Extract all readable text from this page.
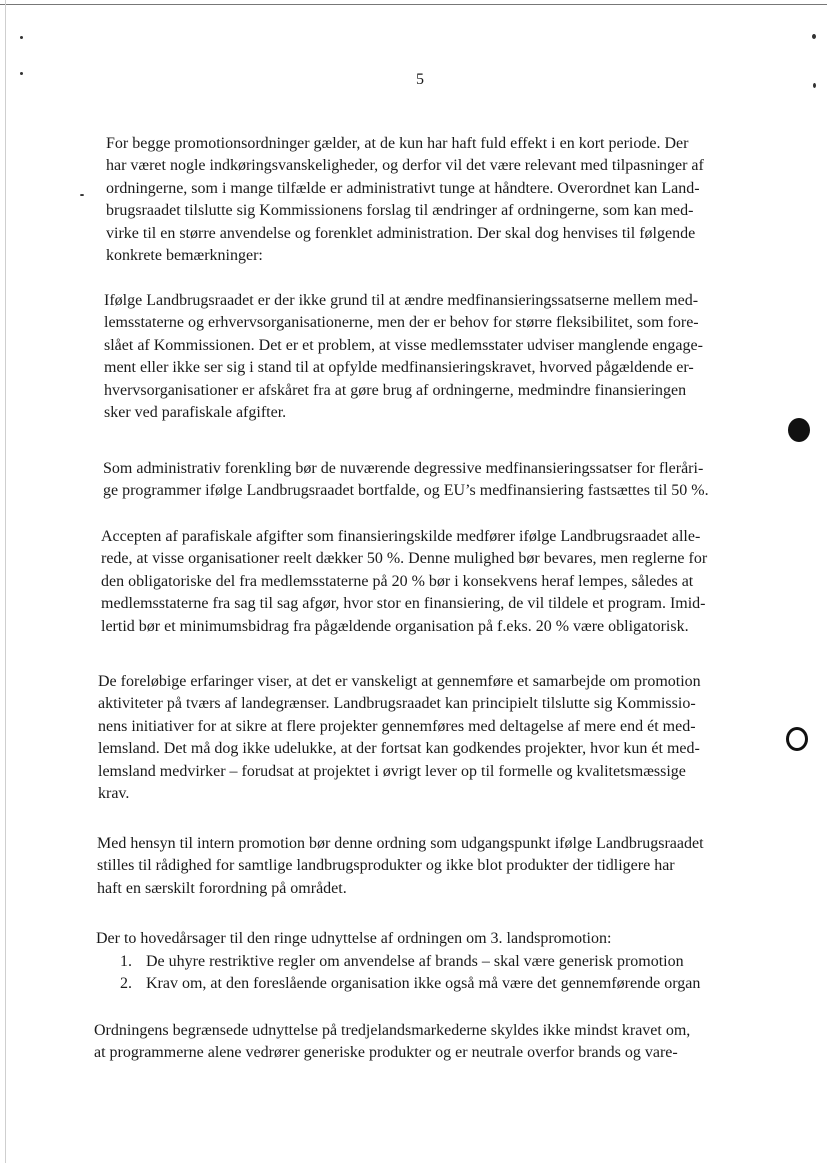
5
For begge promotionsordninger gælder, at de kun har haft fuld effekt i en kort periode. Der
har været nogle indkøringsvanskeligheder, og derfor vil det være relevant med tilpasninger af
ordningerne, som i mange tilfælde er administrativt tunge at håndtere. Overordnet kan Land-
brugsraadet tilslutte sig Kommissionens forslag til ændringer af ordningerne, som kan med-
virke til en større anvendelse og forenklet administration. Der skal dog henvises til følgende
konkrete bemærkninger:
Ifølge Landbrugsraadet er der ikke grund til at ændre medfinansieringssatserne mellem med-
lemsstaterne og erhvervsorganisationerne, men der er behov for større fleksibilitet, som fore-
slået af Kommissionen. Det er et problem, at visse medlemsstater udviser manglende engage-
ment eller ikke ser sig i stand til at opfylde medfinansieringskravet, hvorved pågældende er-
hvervsorganisationer er afskåret fra at gøre brug af ordningerne, medmindre finansieringen
sker ved parafiskale afgifter.
Som administrativ forenkling bør de nuværende degressive medfinansieringssatser for flerårі-
ge programmer ifølge Landbrugsraadet bortfalde, og EU’s medfinansiering fastsættes til 50 %.
Accepten af parafiskale afgifter som finansieringskilde medfører ifølge Landbrugsraadet alle-
rede, at visse organisationer reelt dækker 50 %. Denne mulighed bør bevares, men reglerne for
den obligatoriske del fra medlemsstaterne på 20 % bør i konsekvens heraf lempes, således at
medlemsstaterne fra sag til sag afgør, hvor stor en finansiering, de vil tildele et program. Imid-
lertid bør et minimumsbidrag fra pågældende organisation på f.eks. 20 % være obligatorisk.
De foreløbige erfaringer viser, at det er vanskeligt at gennemføre et samarbejde om promotion
aktiviteter på tværs af landegrænser. Landbrugsraadet kan principielt tilslutte sig Kommissio-
nens initiativer for at sikre at flere projekter gennemføres med deltagelse af mere end ét med-
lemsland. Det må dog ikke udelukke, at der fortsat kan godkendes projekter, hvor kun ét med-
lemsland medvirker – forudsat at projektet i øvrigt lever op til formelle og kvalitetsmæssige
krav.
Med hensyn til intern promotion bør denne ordning som udgangspunkt ifølge Landbrugsraadet
stilles til rådighed for samtlige landbrugsprodukter og ikke blot produkter der tidligere har
haft en særskilt forordning på området.
Der to hovedårsager til den ringe udnyttelse af ordningen om 3. landspromotion:
1. De uhyre restriktive regler om anvendelse af brands – skal være generisk promotion
2. Krav om, at den foreslående organisation ikke også må være det gennemførende organ
Ordningens begrænsede udnyttelse på tredjelandsmarkederne skyldes ikke mindst kravet om,
at programmerne alene vedrører generiske produkter og er neutrale overfor brands og vare-
